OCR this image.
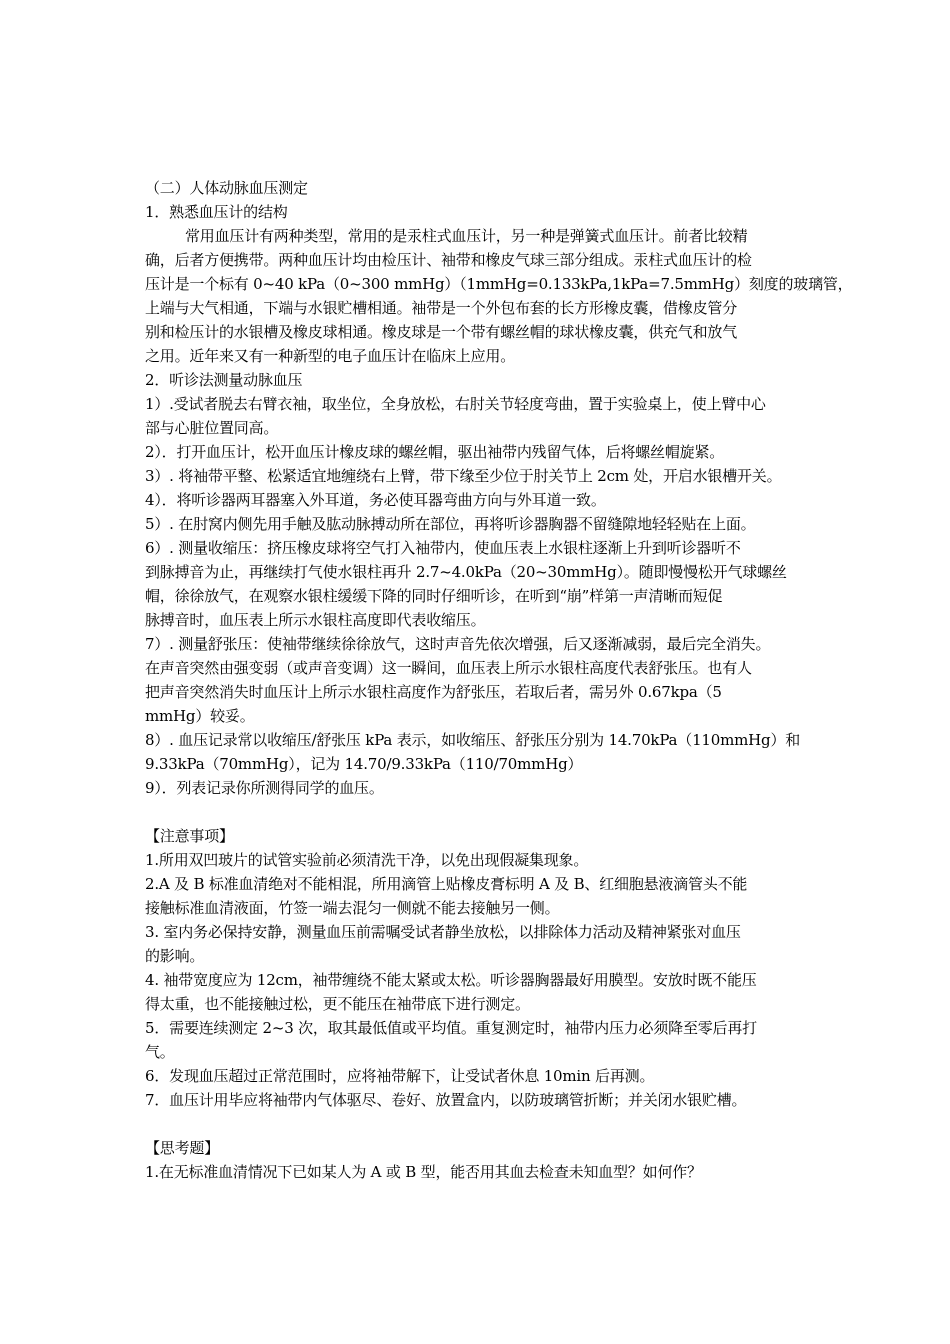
（二）人体动脉血压测定
1．熟悉血压计的结构
常用血压计有两种类型，常用的是汞柱式血压计，另一种是弹簧式血压计。前者比较精
确，后者方便携带。两种血压计均由检压计、袖带和橡皮气球三部分组成。汞柱式血压计的检
压计是一个标有 0~40 kPa（0~300 mmHg）（1mmHg=0.133kPa,1kPa=7.5mmHg）刻度的玻璃管，
上端与大气相通，下端与水银贮槽相通。袖带是一个外包布套的长方形橡皮囊，借橡皮管分
别和检压计的水银槽及橡皮球相通。橡皮球是一个带有螺丝帽的球状橡皮囊，供充气和放气
之用。近年来又有一种新型的电子血压计在临床上应用。
2．听诊法测量动脉血压
1）.受试者脱去右臂衣袖，取坐位，全身放松，右肘关节轻度弯曲，置于实验桌上，使上臂中心
部与心脏位置同高。
2）．打开血压计，松开血压计橡皮球的螺丝帽，驱出袖带内残留气体，后将螺丝帽旋紧。
3）. 将袖带平整、松紧适宜地缠绕右上臂，带下缘至少位于肘关节上 2cm 处，开启水银槽开关。
4）．将听诊器两耳器塞入外耳道，务必使耳器弯曲方向与外耳道一致。
5）. 在肘窝内侧先用手触及肱动脉搏动所在部位，再将听诊器胸器不留缝隙地轻轻贴在上面。
6）. 测量收缩压：挤压橡皮球将空气打入袖带内，使血压表上水银柱逐渐上升到听诊器听不
到脉搏音为止，再继续打气使水银柱再升 2.7~4.0kPa（20~30mmHg）。随即慢慢松开气球螺丝
帽，徐徐放气，在观察水银柱缓缓下降的同时仔细听诊，在听到“崩”样第一声清晰而短促
脉搏音时，血压表上所示水银柱高度即代表收缩压。
7）. 测量舒张压：使袖带继续徐徐放气，这时声音先依次增强，后又逐渐减弱，最后完全消失。
在声音突然由强变弱（或声音变调）这一瞬间，血压表上所示水银柱高度代表舒张压。也有人
把声音突然消失时血压计上所示水银柱高度作为舒张压，若取后者，需另外 0.67kpa（5
mmHg）较妥。
8）. 血压记录常以收缩压/舒张压 kPa 表示，如收缩压、舒张压分别为 14.70kPa（110mmHg）和
9.33kPa（70mmHg），记为 14.70/9.33kPa（110/70mmHg）
9）．列表记录你所测得同学的血压。
【注意事项】
1.所用双凹玻片的试管实验前必须清洗干净，以免出现假凝集现象。
2.A 及 B 标准血清绝对不能相混，所用滴管上贴橡皮膏标明 A 及 B、红细胞悬液滴管头不能
接触标准血清液面，竹签一端去混匀一侧就不能去接触另一侧。
3. 室内务必保持安静，测量血压前需嘱受试者静坐放松，以排除体力活动及精神紧张对血压
的影响。
4. 袖带宽度应为 12cm，袖带缠绕不能太紧或太松。听诊器胸器最好用膜型。安放时既不能压
得太重，也不能接触过松，更不能压在袖带底下进行测定。
5．需要连续测定 2~3 次，取其最低值或平均值。重复测定时，袖带内压力必须降至零后再打
气。
6．发现血压超过正常范围时，应将袖带解下，让受试者休息 10min 后再测。
7．血压计用毕应将袖带内气体驱尽、卷好、放置盒内，以防玻璃管折断；并关闭水银贮槽。
【思考题】
1.在无标准血清情况下已如某人为 A 或 B 型，能否用其血去检查未知血型？如何作？
